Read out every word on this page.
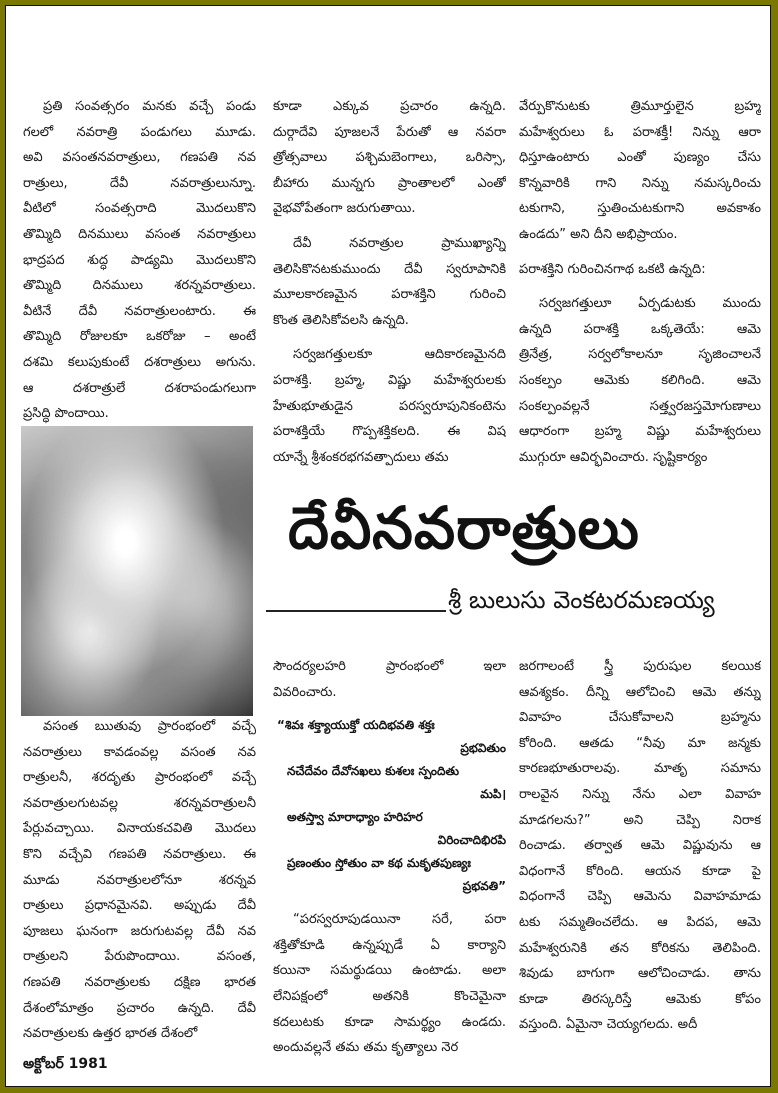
ప్రతి సంవత్సరం మనకు వచ్చే పండు
గలలో నవరాత్రి పండుగలు మూడు.
అవి వసంతనవరాత్రులు, గణపతి నవ
రాత్రులు, దేవీ నవరాత్రులున్నూ.
వీటిలో సంవత్సరాది మొదలుకొని
తొమ్మిది దినములు వసంత నవరాత్రులు
భాద్రపద శుద్ధ పాడ్యమి మొదలుకొని
తొమ్మిది దినములు శరన్నవరాత్రులు.
వీటినే దేవీ నవరాత్రులంటారు. ఈ
తొమ్మిది రోజులకూ ఒకరోజు – అంటే
దశమి కలుపుకుంటే దశరాత్రులు అగును.
ఆ దశరాత్రులే దశరాపండుగలుగా
ప్రసిద్ధి పొందాయి.
వసంత ఋతువు ప్రారంభంలో వచ్చే
నవరాత్రులు కావడంవల్ల వసంత నవ
రాత్రులనీ, శరదృతు ప్రారంభంలో వచ్చే
నవరాత్రులగుటవల్ల శరన్నవరాత్రులనీ
పేర్లువచ్చాయి. వినాయకచవితి మొదలు
కొని వచ్చేవి గణపతి నవరాత్రులు. ఈ
మూడు నవరాత్రులలోనూ శరన్నవ
రాత్రులు ప్రధానమైనవి. అప్పుడు దేవీ
పూజలు ఘనంగా జరుగుటవల్ల దేవీ నవ
రాత్రులని పేరుపొందాయి. వసంత,
గణపతి నవరాత్రులకు దక్షిణ భారత
దేశంలోమాత్రం ప్రచారం ఉన్నది. దేవీ
నవరాత్రులకు ఉత్తర భారత దేశంలో
అక్టోబర్ 1981
కూడా ఎక్కువ ప్రచారం ఉన్నది.
దుర్గాదేవి పూజలనే పేరుతో ఆ నవరా
త్రోత్సవాలు పశ్చిమబెంగాలు, ఒరిస్సా,
బీహారు మున్నగు ప్రాంతాలలో ఎంతో
వైభవోపేతంగా జరుగుతాయి.
దేవీ నవరాత్రుల ప్రాముఖ్యాన్ని
తెలిసికొనటకుముందు దేవీ స్వరూపానికి
మూలకారణమైన పరాశక్తిని గురించి
కొంత తెలిసికోవలసి ఉన్నది.
సర్వజగత్తులకూ ఆదికారణమైనది
పరాశక్తి. బ్రహ్మ, విష్ణు మహేశ్వరులకు
హేతుభూతుడైన పరస్వరూపునికంటెను
పరాశక్తియే గొప్పశక్తికలది. ఈ విష
యాన్నే శ్రీశంకరభగవత్పాదులు తమ
దేవీనవరాత్రులు
శ్రీ బులుసు వెంకటరమణయ్య
సౌందర్యలహరి ప్రారంభంలో ఇలా
వివరించారు.
“శివః శక్త్యాయుక్తో యదిభవతి శక్తః
ప్రభవితుం
నచేదేవం దేవోనఖలు కుశలః స్పందితు
మపి।
అతస్త్వా మారాధ్యాం హరిహర
విరించాదిభిరపి
ప్రణంతుం స్తోతుం వా కథ మకృతపుణ్యః
ప్రభవతి”
“పరస్వరూపుడయినా సరే, పరా
శక్తితోకూడి ఉన్నప్పుడే ఏ కార్యాని
కయినా సమర్థుడయి ఉంటాడు. అలా
లేనిపక్షంలో అతనికి కొంచెమైనా
కదలుటకు కూడా సామర్థ్యం ఉండదు.
అందువల్లనే తమ తమ కృత్యాలు నెర
వేర్పుకొనుటకు త్రిమూర్తులైన బ్రహ్మ
మహేశ్వరులు ఓ పరాశక్తీ! నిన్ను ఆరా
ధిస్తూఉంటారు ఎంతో పుణ్యం చేసు
కొన్నవారికి గాని నిన్ను నమస్కరించు
టకుగాని, స్తుతించుటకుగాని అవకాశం
ఉండదు” అని దీని అభిప్రాయం.
పరాశక్తిని గురించినగాథ ఒకటి ఉన్నది:
సర్వజగత్తులూ ఏర్పడుటకు ముందు
ఉన్నది పరాశక్తి ఒక్కతెయే: ఆమె
త్రినేత్ర, సర్వలోకాలనూ సృజించాలనే
సంకల్పం ఆమెకు కలిగింది. ఆమె
సంకల్పంవల్లనే సత్త్వరజస్తమోగుణాలు
ఆధారంగా బ్రహ్మ విష్ణు మహేశ్వరులు
ముగ్గురూ ఆవిర్భవించారు. సృష్టికార్యం
జరగాలంటే స్త్రీ పురుషుల కలయిక
ఆవశ్యకం. దీన్ని ఆలోచించి ఆమె తన్ను
వివాహం చేసుకోవాలని బ్రహ్మను
కోరింది. ఆతడు “నీవు మా జన్మకు
కారణభూతురాలవు. మాతృ సమాను
రాలవైన నిన్ను నేను ఎలా వివాహ
మాడగలను?” అని చెప్పి నిరాక
రించాడు. తర్వాత ఆమె విష్ణువును ఆ
విధంగానే కోరింది. ఆయన కూడా పై
విధంగానే చెప్పి ఆమెను వివాహమాడు
టకు సమ్మతించలేదు. ఆ పిదప, ఆమె
మహేశ్వరునికి తన కోరికను తెలిపింది.
శివుడు బాగుగా ఆలోచించాడు. తాను
కూడా తిరస్కరిస్తే ఆమెకు కోపం
వస్తుంది. ఏమైనా చెయ్యగలదు. అదీ
